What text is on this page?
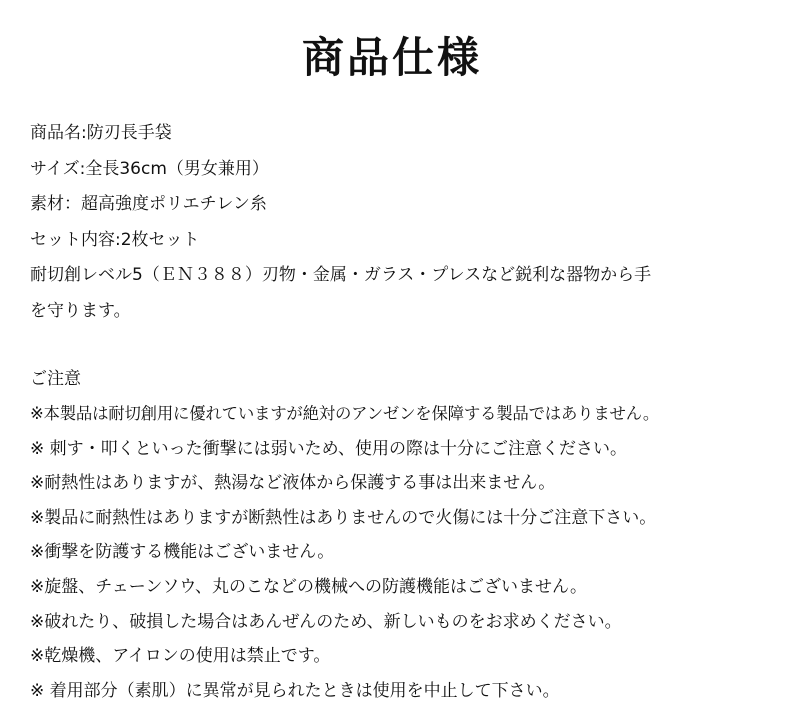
商品仕様
商品名:防刃長手袋
サイズ:全長36cm（男女兼用）
素材：超高強度ポリエチレン糸
セット内容:2枚セット
耐切創レベル5（ＥＮ３８８）刃物・金属・ガラス・プレスなど鋭利な器物から手
を守ります。
ご注意
※本製品は耐切創用に優れていますが絶対のアンゼンを保障する製品ではありません。
※ 刺す・叩くといった衝撃には弱いため、使用の際は十分にご注意ください。
※耐熱性はありますが、熱湯など液体から保護する事は出来ません。
※製品に耐熱性はありますが断熱性はありませんので火傷には十分ご注意下さい。
※衝撃を防護する機能はございません。
※旋盤、チェーンソウ、丸のこなどの機械への防護機能はございません。
※破れたり、破損した場合はあんぜんのため、新しいものをお求めください。
※乾燥機、アイロンの使用は禁止です。
※ 着用部分（素肌）に異常が見られたときは使用を中止して下さい。
